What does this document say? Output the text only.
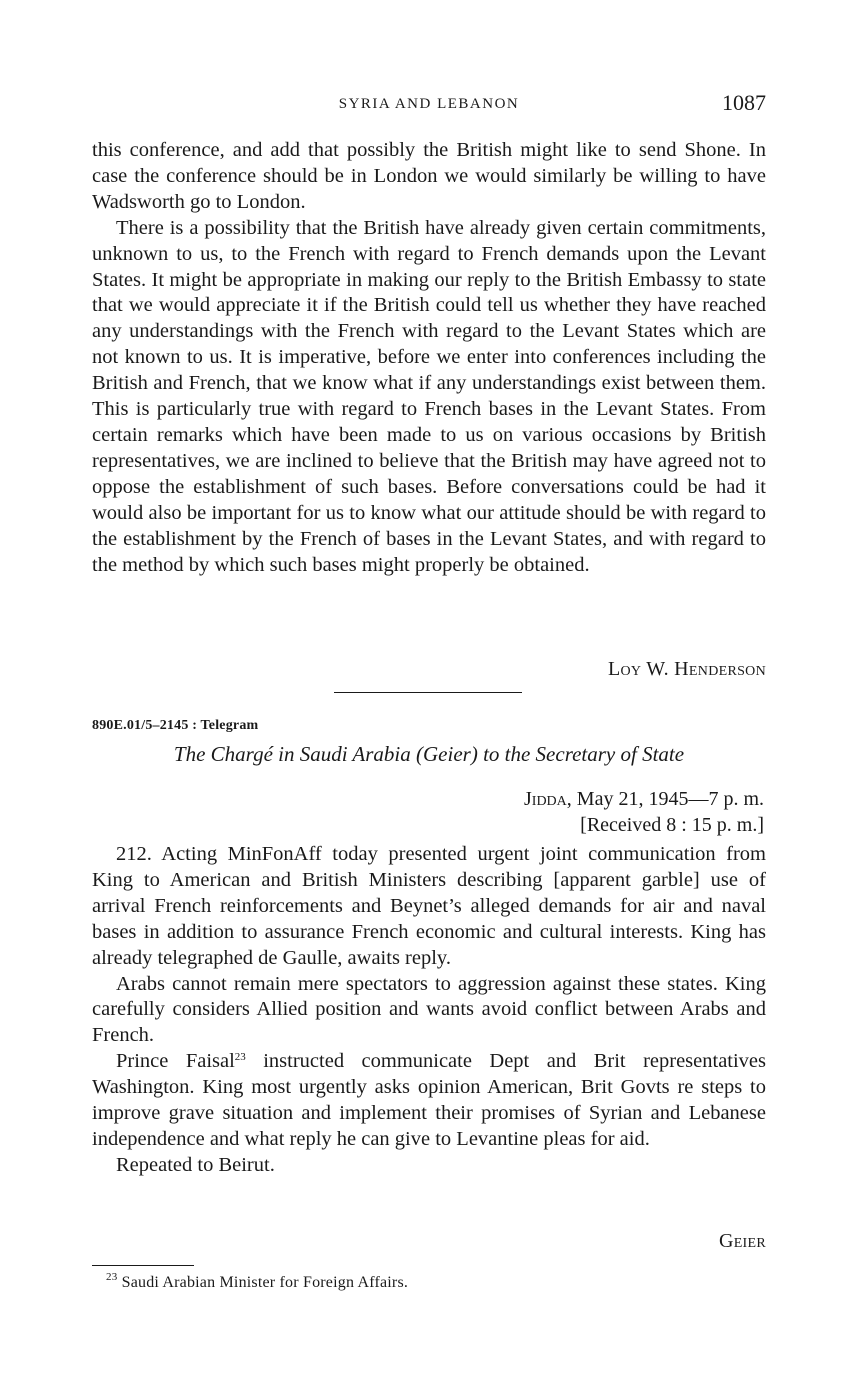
SYRIA AND LEBANON	1087

this conference, and add that possibly the British might like to send Shone. In case the conference should be in London we would similarly be willing to have Wadsworth go to London.

There is a possibility that the British have already given certain commitments, unknown to us, to the French with regard to French demands upon the Levant States. It might be appropriate in making our reply to the British Embassy to state that we would appreciate it if the British could tell us whether they have reached any understandings with the French with regard to the Levant States which are not known to us. It is imperative, before we enter into conferences including the British and French, that we know what if any understandings exist between them. This is particularly true with regard to French bases in the Levant States. From certain remarks which have been made to us on various occasions by British representatives, we are inclined to believe that the British may have agreed not to oppose the establishment of such bases. Before conversations could be had it would also be important for us to know what our attitude should be with regard to the establishment by the French of bases in the Levant States, and with regard to the method by which such bases might properly be obtained.

Loy W. Henderson
890E.01/5–2145 : Telegram
The Chargé in Saudi Arabia (Geier) to the Secretary of State
Jidda, May 21, 1945—7 p. m.
[Received 8 : 15 p. m.]

212. Acting MinFonAff today presented urgent joint communication from King to American and British Ministers describing [apparent garble] use of arrival French reinforcements and Beynet’s alleged demands for air and naval bases in addition to assurance French economic and cultural interests. King has already telegraphed de Gaulle, awaits reply.

Arabs cannot remain mere spectators to aggression against these states. King carefully considers Allied position and wants avoid conflict between Arabs and French.

Prince Faisal$^{23}$ instructed communicate Dept and Brit representatives Washington. King most urgently asks opinion American, Brit Govts re steps to improve grave situation and implement their promises of Syrian and Lebanese independence and what reply he can give to Levantine pleas for aid.

Repeated to Beirut.

Geier
$^{23}$ Saudi Arabian Minister for Foreign Affairs.
